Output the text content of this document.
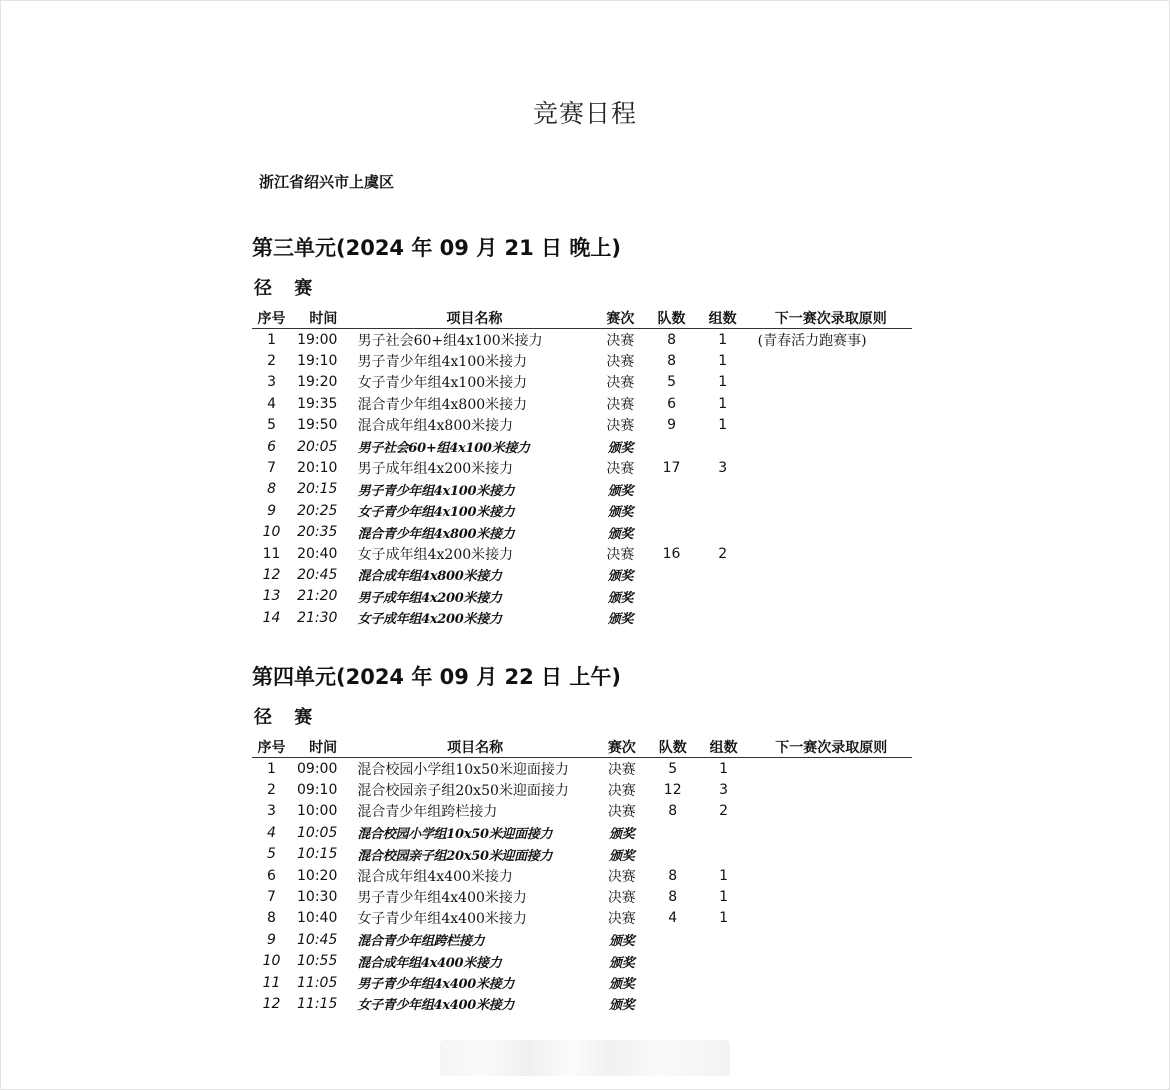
竞赛日程
浙江省绍兴市上虞区
第三单元(2024 年 09 月 21 日 晚上)
径 赛
序号	时间	项目名称	赛次	队数	组数	下一赛次录取原则
1	19:00	男子社会60+组4x100米接力	决赛	8	1	(青春活力跑赛事)
2	19:10	男子青少年组4x100米接力	决赛	8	1	
3	19:20	女子青少年组4x100米接力	决赛	5	1	
4	19:35	混合青少年组4x800米接力	决赛	6	1	
5	19:50	混合成年组4x800米接力	决赛	9	1	
6	20:05	男子社会60+组4x100米接力	颁奖			
7	20:10	男子成年组4x200米接力	决赛	17	3	
8	20:15	男子青少年组4x100米接力	颁奖			
9	20:25	女子青少年组4x100米接力	颁奖			
10	20:35	混合青少年组4x800米接力	颁奖			
11	20:40	女子成年组4x200米接力	决赛	16	2	
12	20:45	混合成年组4x800米接力	颁奖			
13	21:20	男子成年组4x200米接力	颁奖			
14	21:30	女子成年组4x200米接力	颁奖			
第四单元(2024 年 09 月 22 日 上午)
径 赛
序号	时间	项目名称	赛次	队数	组数	下一赛次录取原则
1	09:00	混合校园小学组10x50米迎面接力	决赛	5	1	
2	09:10	混合校园亲子组20x50米迎面接力	决赛	12	3	
3	10:00	混合青少年组跨栏接力	决赛	8	2	
4	10:05	混合校园小学组10x50米迎面接力	颁奖			
5	10:15	混合校园亲子组20x50米迎面接力	颁奖			
6	10:20	混合成年组4x400米接力	决赛	8	1	
7	10:30	男子青少年组4x400米接力	决赛	8	1	
8	10:40	女子青少年组4x400米接力	决赛	4	1	
9	10:45	混合青少年组跨栏接力	颁奖			
10	10:55	混合成年组4x400米接力	颁奖			
11	11:05	男子青少年组4x400米接力	颁奖			
12	11:15	女子青少年组4x400米接力	颁奖			
